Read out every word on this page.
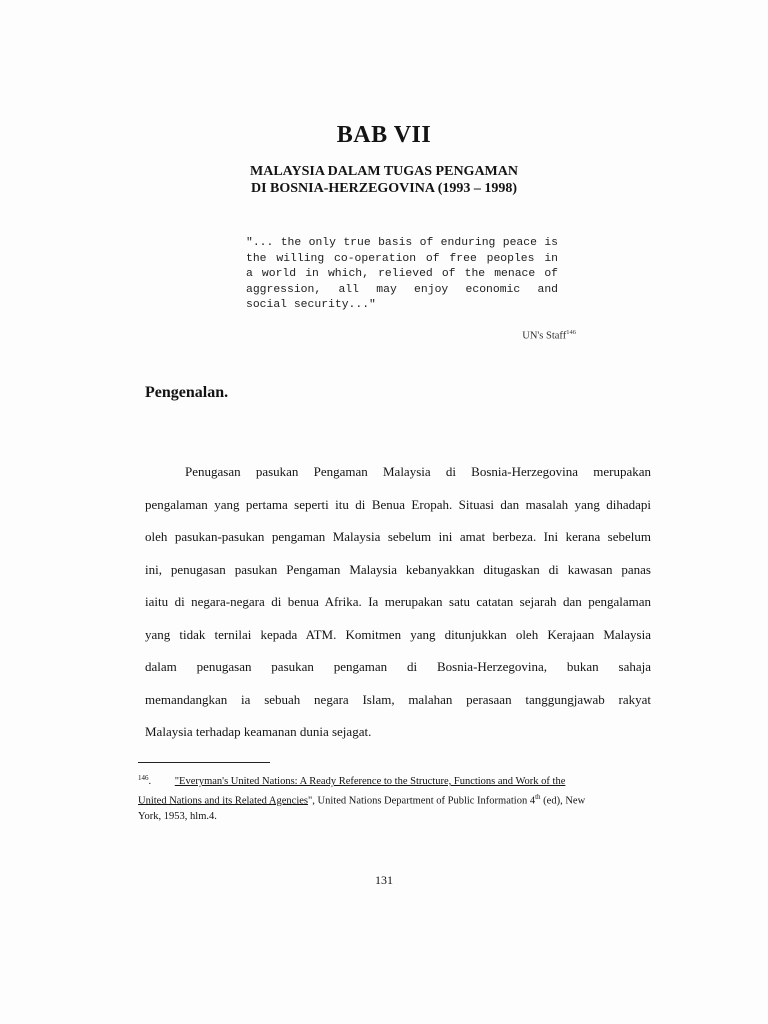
BAB VII
MALAYSIA DALAM TUGAS PENGAMAN
DI BOSNIA-HERZEGOVINA (1993 – 1998)
"... the only true basis of enduring peace is
the willing co-operation of free peoples in
a world in which, relieved of the menace of
aggression, all may enjoy economic and
social security..."
UN's Staff$^{146}$
Pengenalan.
Penugasan pasukan Pengaman Malaysia di Bosnia-Herzegovina merupakan
pengalaman yang pertama seperti itu di Benua Eropah. Situasi dan masalah yang dihadapi
oleh pasukan-pasukan pengaman Malaysia sebelum ini amat berbeza. Ini kerana sebelum
ini, penugasan pasukan Pengaman Malaysia kebanyakkan ditugaskan di kawasan panas
iaitu di negara-negara di benua Afrika. Ia merupakan satu catatan sejarah dan pengalaman
yang tidak ternilai kepada ATM. Komitmen yang ditunjukkan oleh Kerajaan Malaysia
dalam penugasan pasukan pengaman di Bosnia-Herzegovina, bukan sahaja
memandangkan ia sebuah negara Islam, malahan perasaan tanggungjawab rakyat
Malaysia terhadap keamanan dunia sejagat.
$^{146}$. "Everyman's United Nations: A Ready Reference to the Structure, Functions and Work of the
United Nations and its Related Agencies", United Nations Department of Public Information 4th (ed), New
York, 1953, hlm.4.
131
